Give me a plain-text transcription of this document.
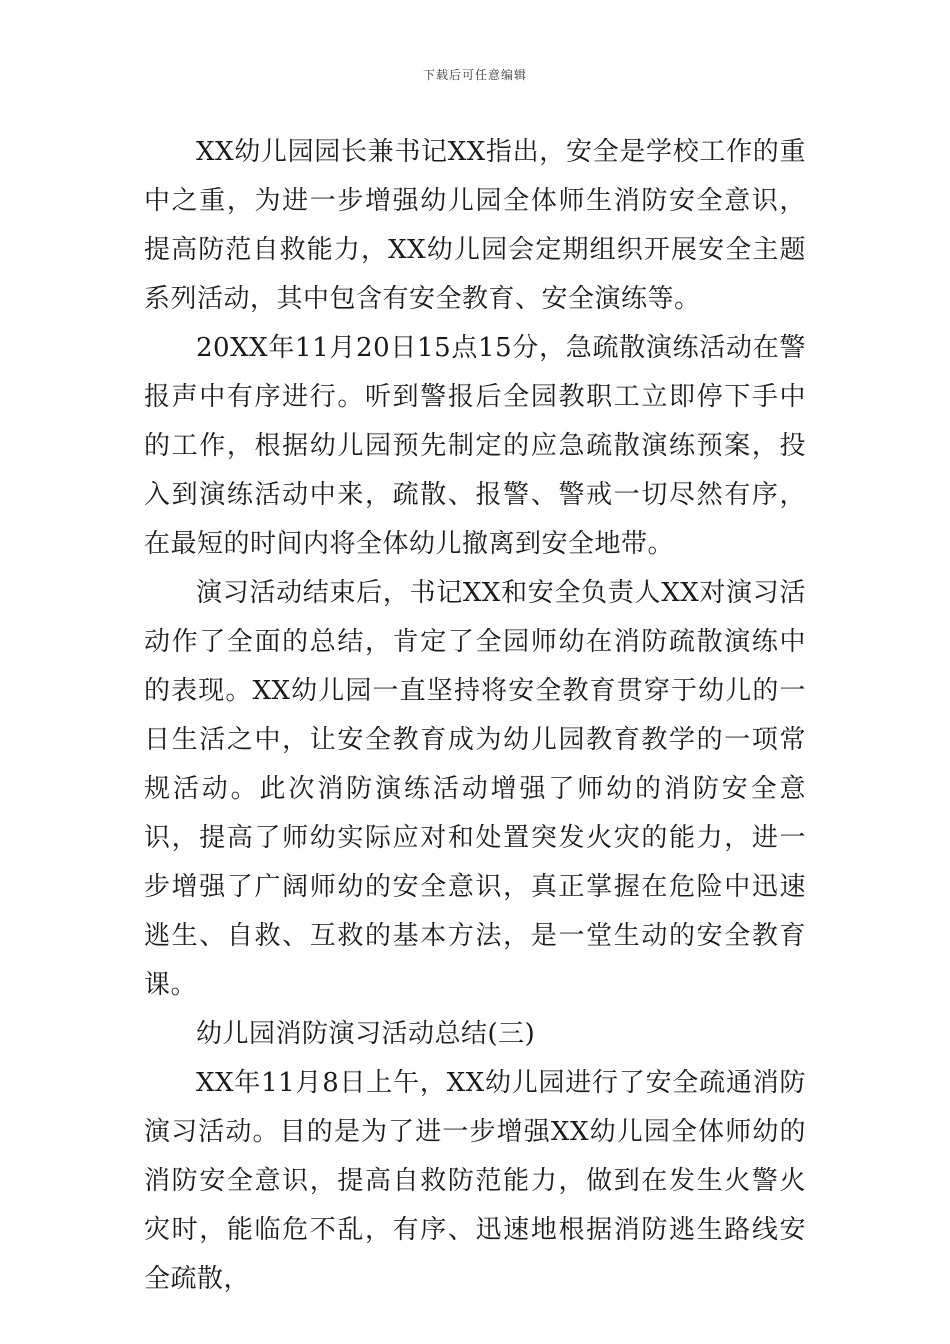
下载后可任意编辑

XX幼儿园园长兼书记XX指出，安全是学校工作的重中之重，为进一步增强幼儿园全体师生消防安全意识，提高防范自救能力，XX幼儿园会定期组织开展安全主题系列活动，其中包含有安全教育、安全演练等。

20XX年11月20日15点15分，急疏散演练活动在警报声中有序进行。听到警报后全园教职工立即停下手中的工作，根据幼儿园预先制定的应急疏散演练预案，投入到演练活动中来，疏散、报警、警戒一切尽然有序，在最短的时间内将全体幼儿撤离到安全地带。

演习活动结束后，书记XX和安全负责人XX对演习活动作了全面的总结，肯定了全园师幼在消防疏散演练中的表现。XX幼儿园一直坚持将安全教育贯穿于幼儿的一日生活之中，让安全教育成为幼儿园教育教学的一项常规活动。此次消防演练活动增强了师幼的消防安全意识，提高了师幼实际应对和处置突发火灾的能力，进一步增强了广阔师幼的安全意识，真正掌握在危险中迅速逃生、自救、互救的基本方法，是一堂生动的安全教育课。

幼儿园消防演习活动总结(三)

XX年11月8日上午，XX幼儿园进行了安全疏通消防演习活动。目的是为了进一步增强XX幼儿园全体师幼的消防安全意识，提高自救防范能力，做到在发生火警火灾时，能临危不乱，有序、迅速地根据消防逃生路线安全疏散，
